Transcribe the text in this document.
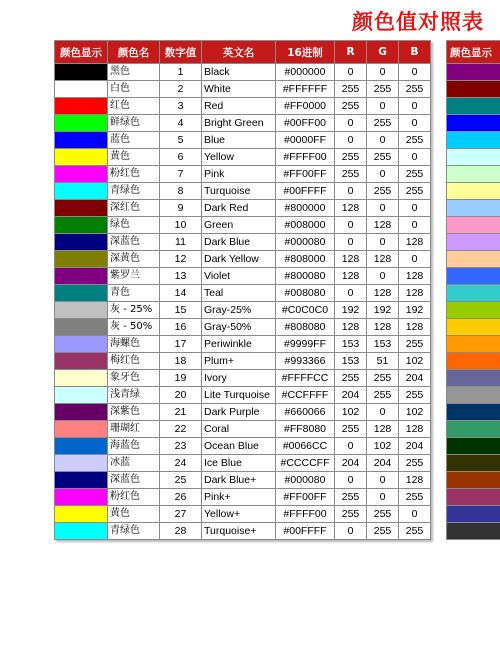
颜色值对照表
颜色显示	颜色名	数字值	英文名	16进制	R	G	B
	黑色	1	Black	#000000	0	0	0
	白色	2	White	#FFFFFF	255	255	255
	红色	3	Red	#FF0000	255	0	0
	鲜绿色	4	Bright Green	#00FF00	0	255	0
	蓝色	5	Blue	#0000FF	0	0	255
	黄色	6	Yellow	#FFFF00	255	255	0
	粉红色	7	Pink	#FF00FF	255	0	255
	青绿色	8	Turquoise	#00FFFF	0	255	255
	深红色	9	Dark Red	#800000	128	0	0
	绿色	10	Green	#008000	0	128	0
	深蓝色	11	Dark Blue	#000080	0	0	128
	深黄色	12	Dark Yellow	#808000	128	128	0
	紫罗兰	13	Violet	#800080	128	0	128
	青色	14	Teal	#008080	0	128	128
	灰 - 25%	15	Gray-25%	#C0C0C0	192	192	192
	灰 - 50%	16	Gray-50%	#808080	128	128	128
	海螺色	17	Periwinkle	#9999FF	153	153	255
	梅红色	18	Plum+	#993366	153	51	102
	象牙色	19	Ivory	#FFFFCC	255	255	204
	浅青绿	20	Lite Turquoise	#CCFFFF	204	255	255
	深紫色	21	Dark Purple	#660066	102	0	102
	珊瑚红	22	Coral	#FF8080	255	128	128
	海蓝色	23	Ocean Blue	#0066CC	0	102	204
	冰蓝	24	Ice Blue	#CCCCFF	204	204	255
	深蓝色	25	Dark Blue+	#000080	0	0	128
	粉红色	26	Pink+	#FF00FF	255	0	255
	黄色	27	Yellow+	#FFFF00	255	255	0
	青绿色	28	Turquoise+	#00FFFF	0	255	255
颜色显示
